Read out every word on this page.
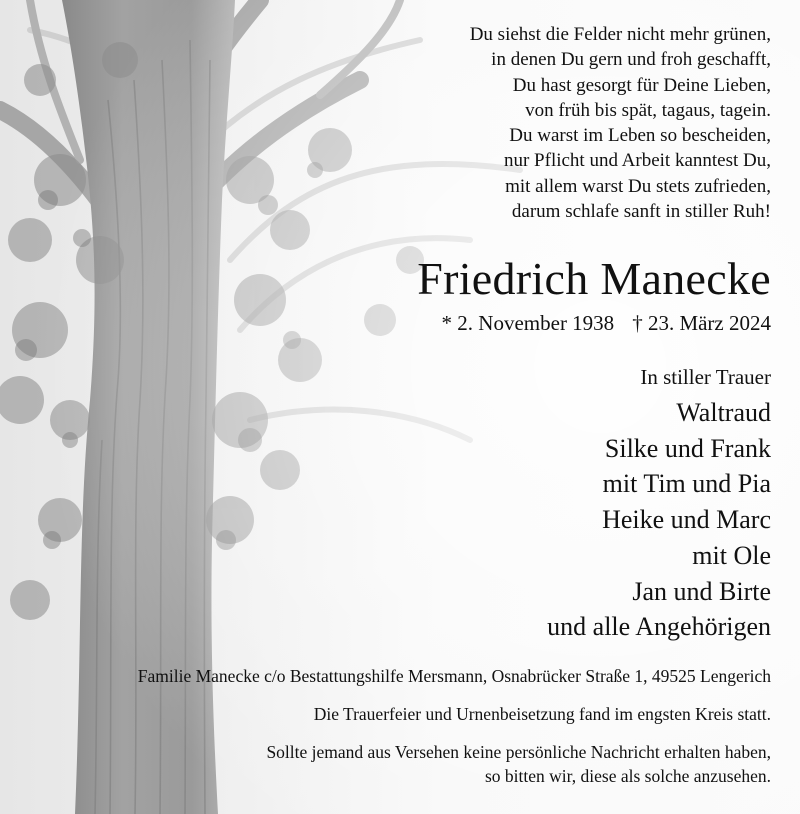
Du siehst die Felder nicht mehr grünen,
in denen Du gern und froh geschafft,
Du hast gesorgt für Deine Lieben,
von früh bis spät, tagaus, tagein.
Du warst im Leben so bescheiden,
nur Pflicht und Arbeit kanntest Du,
mit allem warst Du stets zufrieden,
darum schlafe sanft in stiller Ruh!
Friedrich Manecke
* 2. November 1938 † 23. März 2024
In stiller Trauer
Waltraud
Silke und Frank
mit Tim und Pia
Heike und Marc
mit Ole
Jan und Birte
und alle Angehörigen
Familie Manecke c/o Bestattungshilfe Mersmann, Osnabrücker Straße 1, 49525 Lengerich
Die Trauerfeier und Urnenbeisetzung fand im engsten Kreis statt.
Sollte jemand aus Versehen keine persönliche Nachricht erhalten haben,
so bitten wir, diese als solche anzusehen.
